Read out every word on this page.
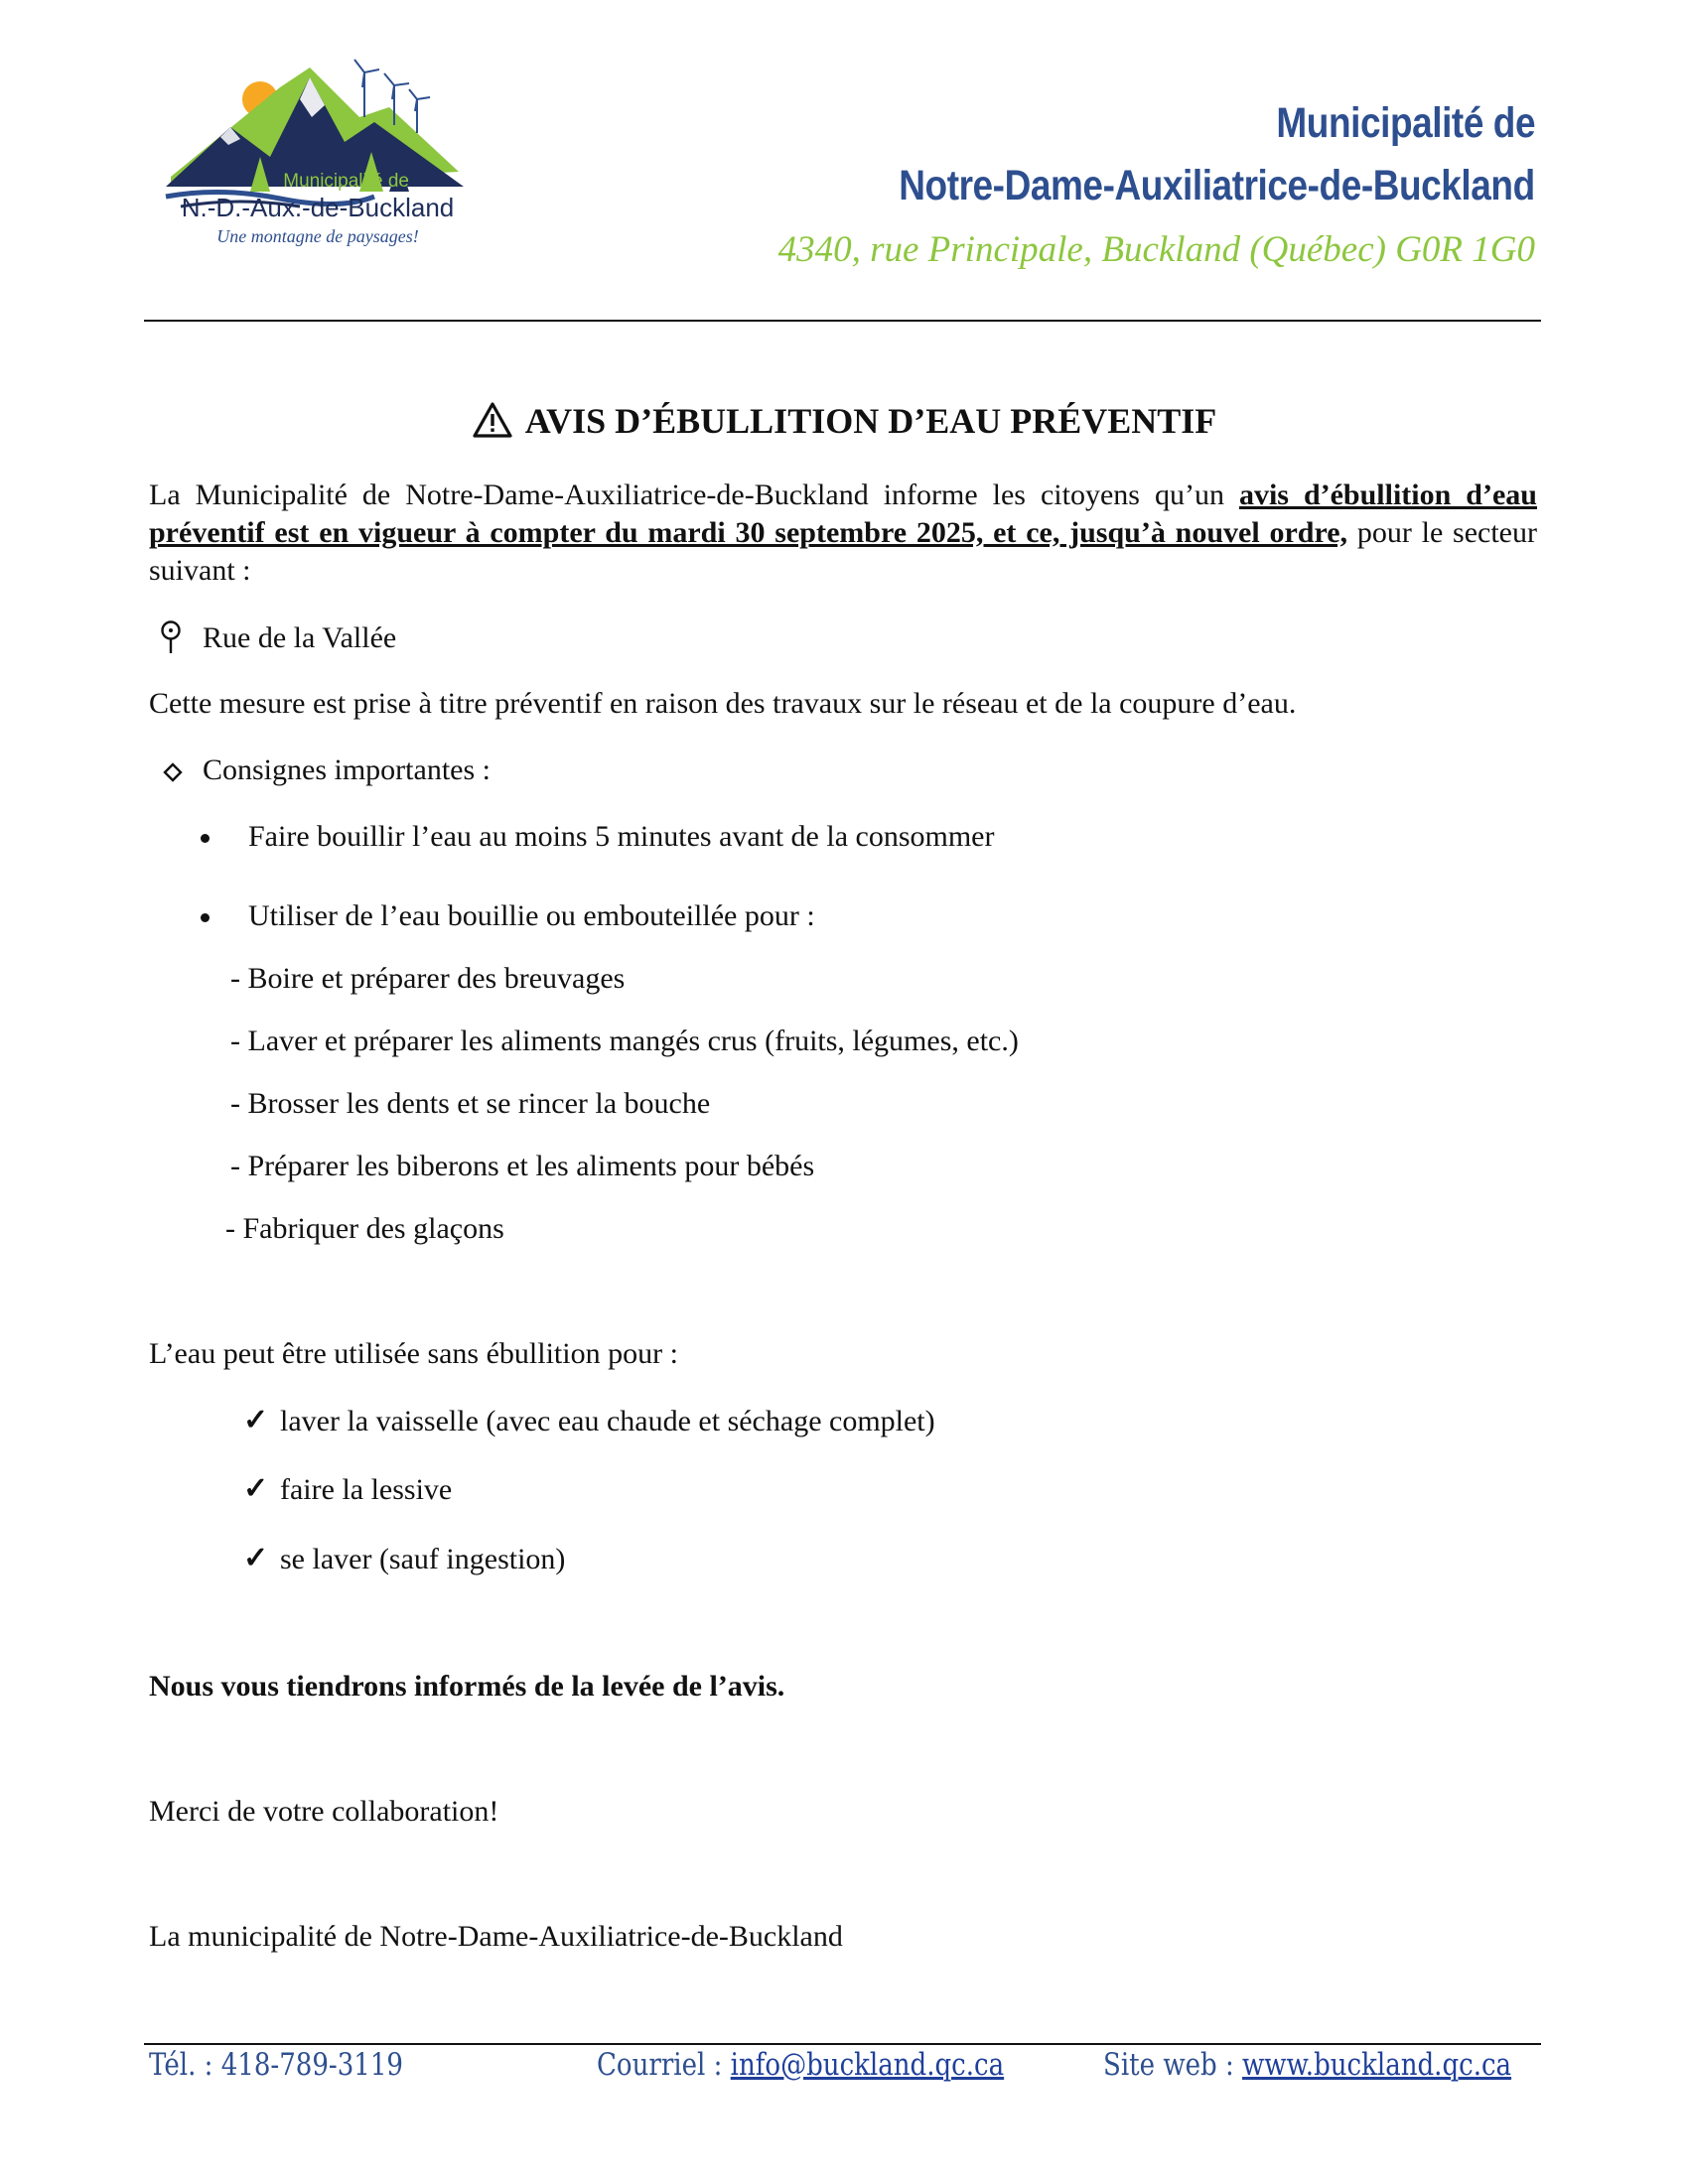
Municipalité de
N.-D.-Aux.-de-Buckland
Une montagne de paysages!
Municipalité de
Notre-Dame-Auxiliatrice-de-Buckland
4340, rue Principale, Buckland (Québec) G0R 1G0
AVIS D’ÉBULLITION D’EAU PRÉVENTIF
La Municipalité de Notre-Dame-Auxiliatrice-de-Buckland informe les citoyens qu’un avis d’ébullition d’eau préventif est en vigueur à compter du mardi 30 septembre 2025, et ce, jusqu’à nouvel ordre, pour le secteur suivant :
Rue de la Vallée
Cette mesure est prise à titre préventif en raison des travaux sur le réseau et de la coupure d’eau.
Consignes importantes :
Faire bouillir l’eau au moins 5 minutes avant de la consommer
Utiliser de l’eau bouillie ou embouteillée pour :
- Boire et préparer des breuvages
- Laver et préparer les aliments mangés crus (fruits, légumes, etc.)
- Brosser les dents et se rincer la bouche
- Préparer les biberons et les aliments pour bébés
- Fabriquer des glaçons
L’eau peut être utilisée sans ébullition pour :
✓ laver la vaisselle (avec eau chaude et séchage complet)
✓ faire la lessive
✓ se laver (sauf ingestion)
Nous vous tiendrons informés de la levée de l’avis.
Merci de votre collaboration!
La municipalité de Notre-Dame-Auxiliatrice-de-Buckland
Tél. : 418-789-3119	Courriel : info@buckland.qc.ca	Site web : www.buckland.qc.ca
